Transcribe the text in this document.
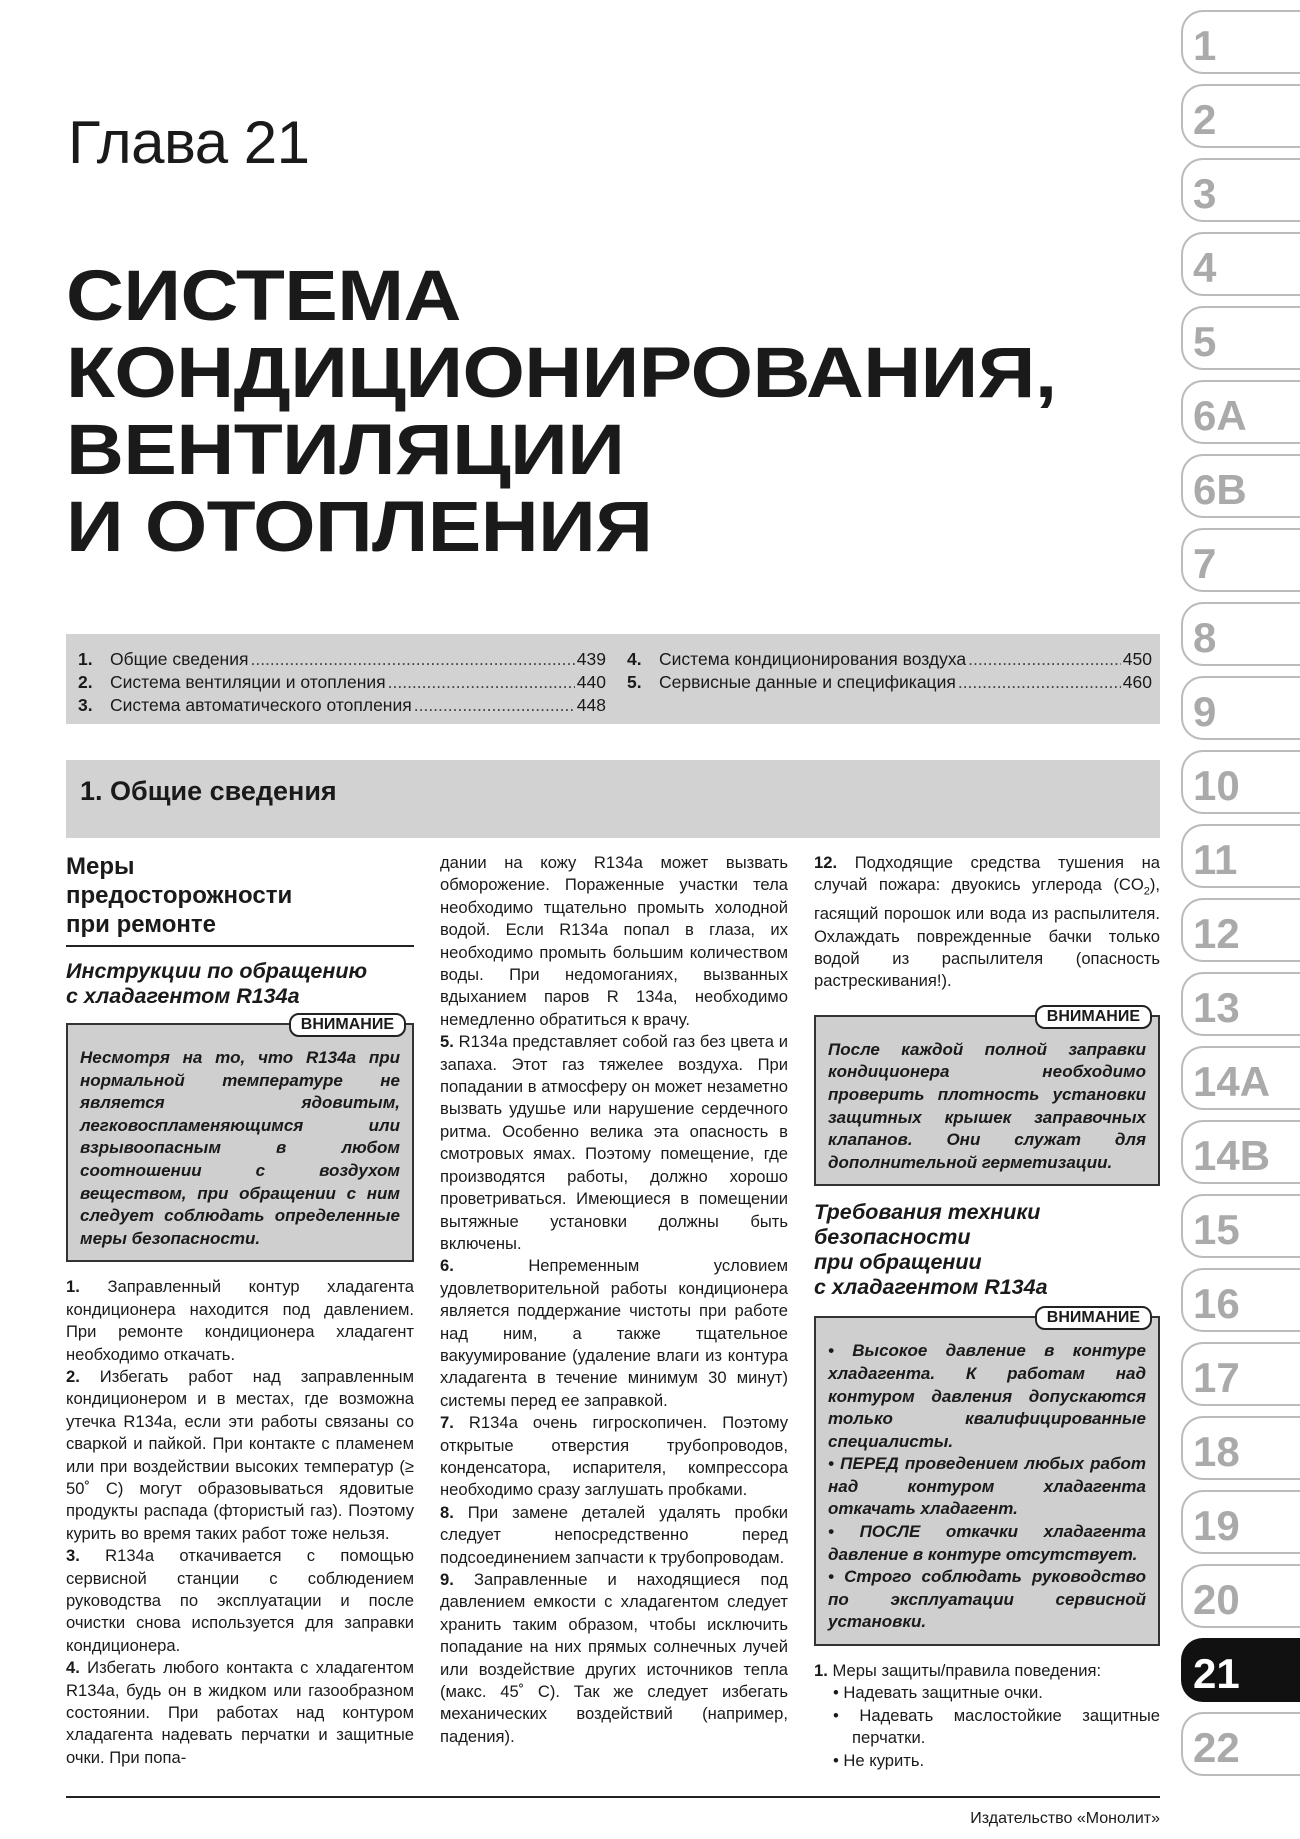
Глава 21
СИСТЕМА
КОНДИЦИОНИРОВАНИЯ,
ВЕНТИЛЯЦИИ
И ОТОПЛЕНИЯ
1. Общие сведения .....	439
2. Система вентиляции и отопления .....	440
3. Система автоматического отопления .....	448
4. Система кондиционирования воздуха .....	450
5. Сервисные данные и спецификация .....	460
1. Общие сведения
Меры
предосторожности
при ремонте
Инструкции по обращению
с хладагентом R134a
ВНИМАНИЕ

Несмотря на то, что R134a при нормальной температуре не является ядовитым, легковоспламеняющимся или взрывоопасным в любом соотношении с воздухом веществом, при обращении с ним следует соблюдать определенные меры безопасности.

1. Заправленный контур хладагента кондиционера находится под давлением. При ремонте кондиционера хладагент необходимо откачать.

2. Избегать работ над заправленным кондиционером и в местах, где возможна утечка R134a, если эти работы связаны со сваркой и пайкой. При контакте с пламенем или при воздействии высоких температур (≥ 50˚ С) могут образовываться ядовитые продукты распада (фтористый газ). Поэтому курить во время таких работ тоже нельзя.

3. R134a откачивается с помощью сервисной станции с соблюдением руководства по эксплуатации и после очистки снова используется для заправки кондиционера.

4. Избегать любого контакта с хладагентом R134a, будь он в жидком или газообразном состоянии. При работах над контуром хладагента надевать перчатки и защитные очки. При попа-

дании на кожу R134a может вызвать обморожение. Пораженные участки тела необходимо тщательно промыть холодной водой. Если R134a попал в глаза, их необходимо промыть большим количеством воды. При недомоганиях, вызванных вдыханием паров R 134a, необходимо немедленно обратиться к врачу.

5. R134a представляет собой газ без цвета и запаха. Этот газ тяжелее воздуха. При попадании в атмосферу он может незаметно вызвать удушье или нарушение сердечного ритма. Особенно велика эта опасность в смотровых ямах. Поэтому помещение, где производятся работы, должно хорошо проветриваться. Имеющиеся в помещении вытяжные установки должны быть включены.

6.	Непременным условием удовлетворительной работы кондиционера является поддержание чистоты при работе над ним, а также тщательное вакуумирование (удаление влаги из контура хладагента в течение минимум 30 минут) системы перед ее заправкой.

7. R134a очень гигроскопичен. Поэтому открытые отверстия трубопроводов, конденсатора, испарителя, компрессора необходимо сразу заглушать пробками.

8. При замене деталей удалять пробки следует непосредственно перед подсоединением запчасти к трубопроводам.

9. Заправленные и находящиеся под давлением емкости с хладагентом следует хранить таким образом, чтобы исключить попадание на них прямых солнечных лучей или воздействие других источников тепла (макс. 45˚ С). Так же следует избегать механических воздействий (например, падения).

12. Подходящие средства тушения на случай пожара: двуокись углерода $(CO_2)$, гасящий порошок или вода из распылителя. Охлаждать поврежденные бачки только водой из распылителя (опасность растрескивания!).

ВНИМАНИЕ

После каждой полной заправки кондиционера необходимо проверить плотность установки защитных крышек заправочных клапанов. Они служат для дополнительной герметизации.

Требования техники
безопасности
при обращении
с хладагентом R134a
ВНИМАНИЕ

• Высокое давление в контуре хладагента. К работам над контуром давления допускаются только квалифицированные специалисты.

• ПЕРЕД проведением любых работ над контуром хладагента откачать хладагент.

• ПОСЛЕ откачки хладагента давление в контуре отсутствует.

• Строго соблюдать руководство по эксплуатации сервисной установки.

1. Меры защиты/правила поведения:

• Надевать защитные очки.

• Надевать маслостойкие защитные перчатки.

• Не курить.

1
2
3
4
5
6A
6B
7
8
9
10
11
12
13
14A
14B
15
16
17
18
19
20
21
22
Издательство «Монолит»
